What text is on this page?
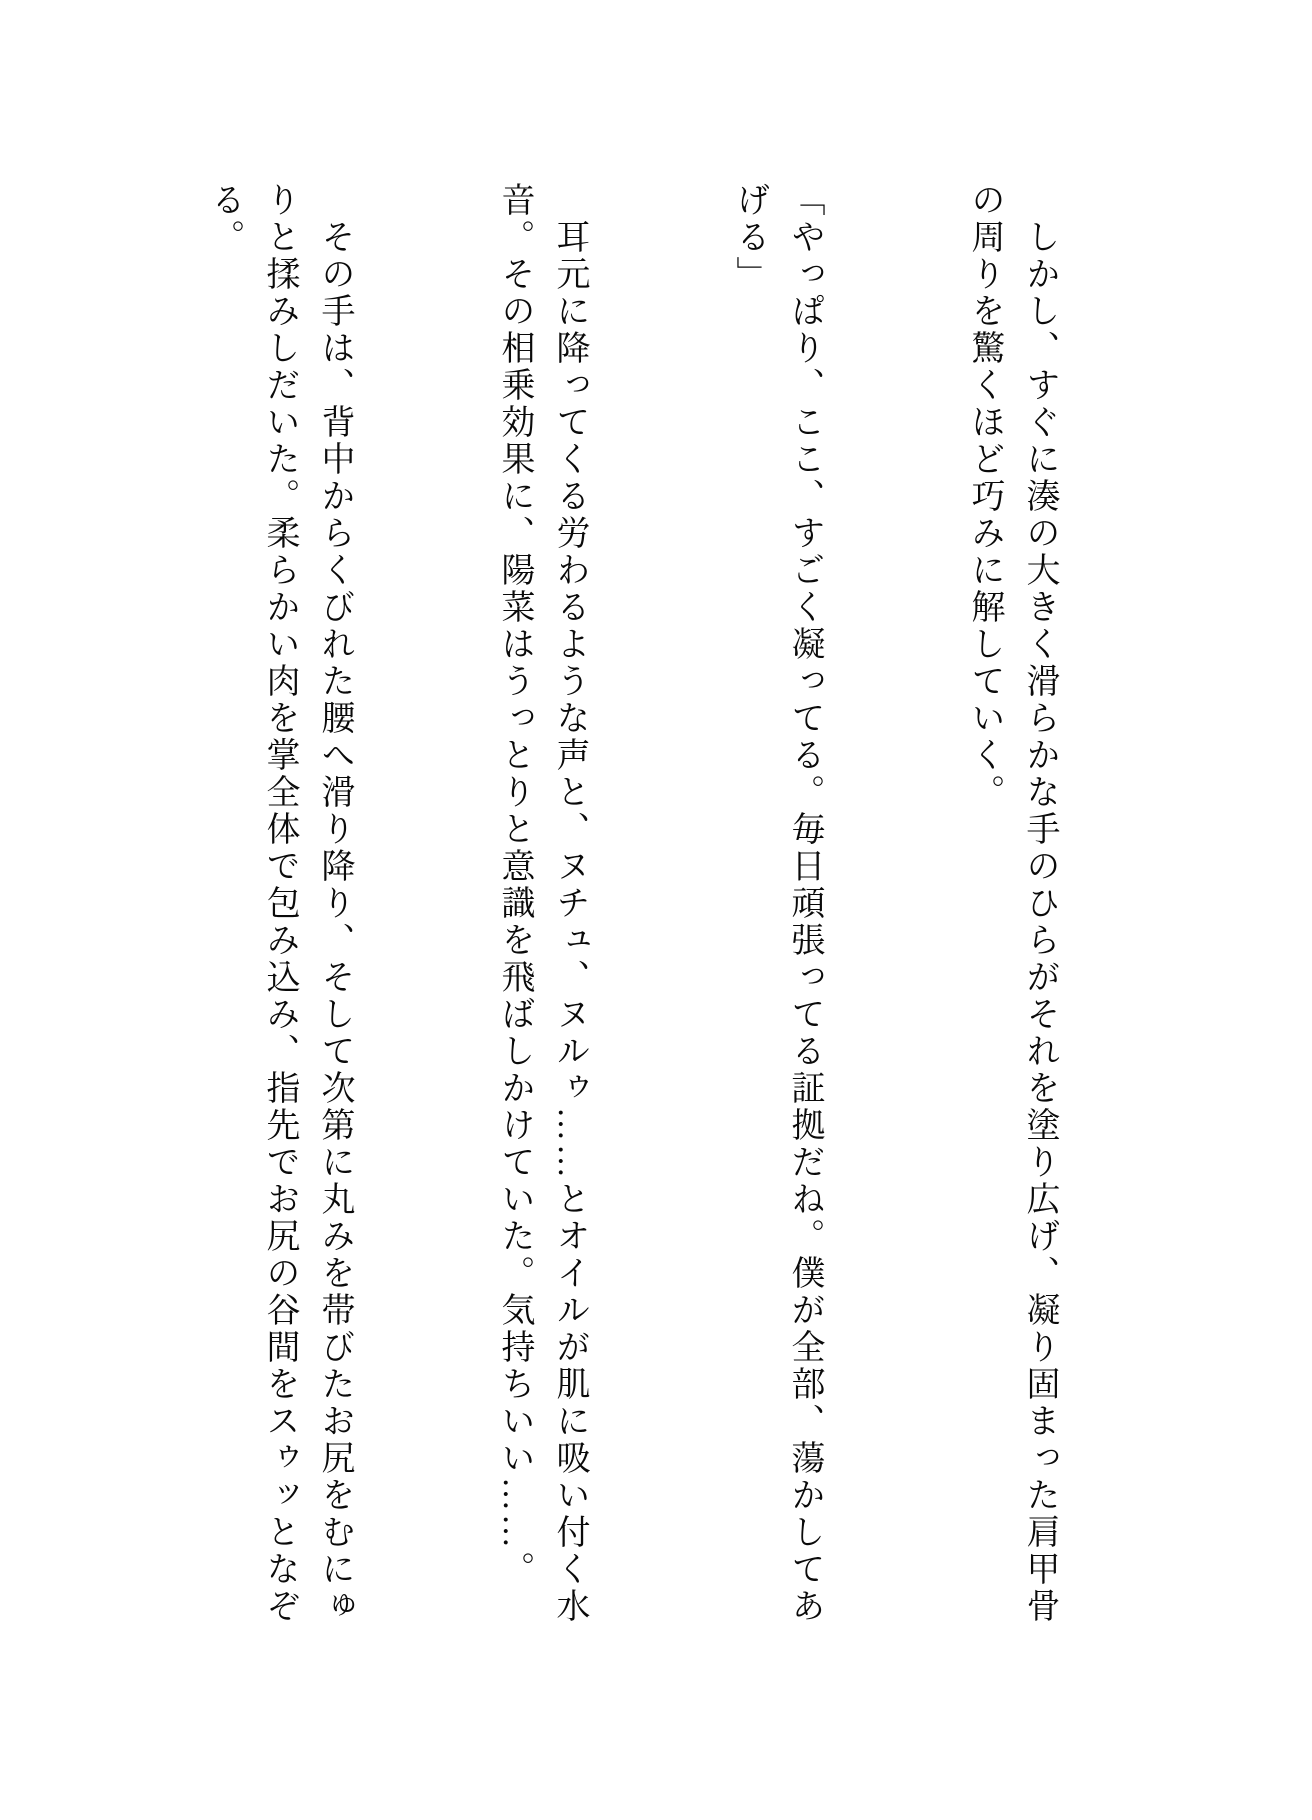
しかし、すぐに湊の大きく滑らかな手のひらがそれを塗り広げ、凝り固まった肩甲骨の周りを驚くほど巧みに解していく。

「やっぱり、ここ、すごく凝ってる。毎日頑張ってる証拠だね。僕が全部、蕩かしてあげる」

耳元に降ってくる労わるような声と、ヌチュ、ヌルゥ……とオイルが肌に吸い付く水音。その相乗効果に、陽菜はうっとりと意識を飛ばしかけていた。気持ちいい……。

その手は、背中からくびれた腰へ滑り降り、そして次第に丸みを帯びたお尻をむにゅりと揉みしだいた。柔らかい肉を掌全体で包み込み、指先でお尻の谷間をスゥッとなぞる。
